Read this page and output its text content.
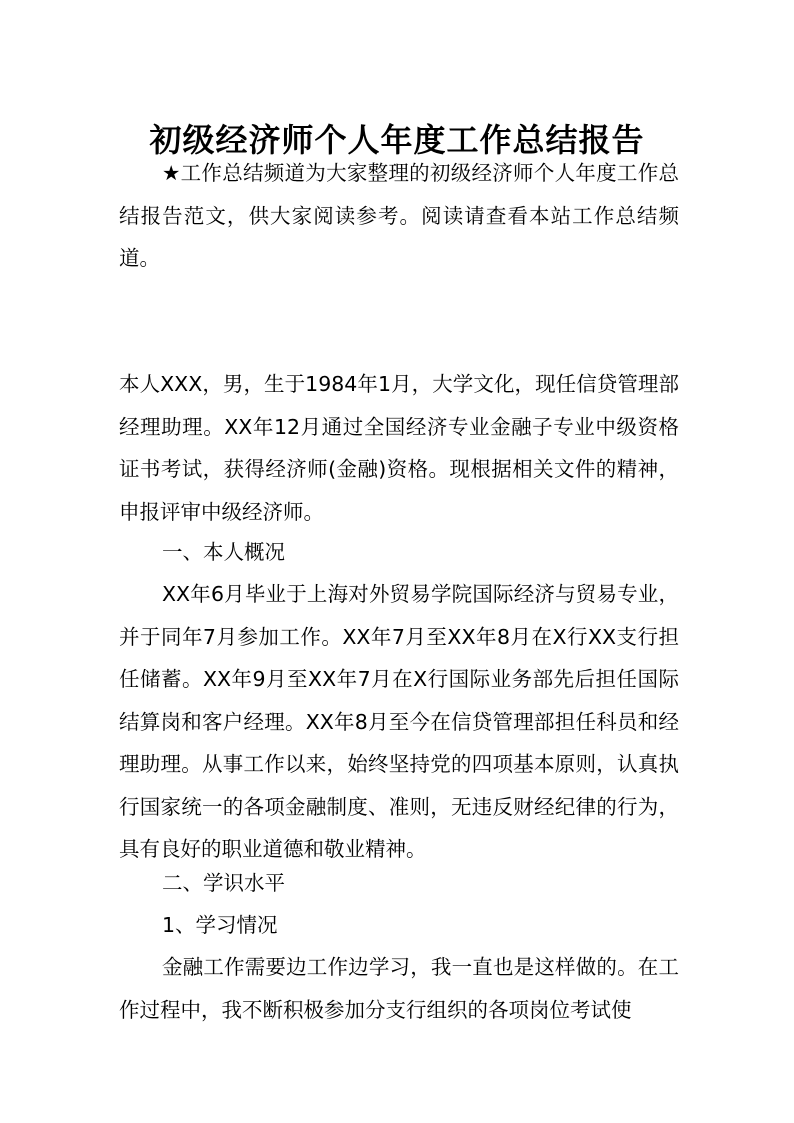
初级经济师个人年度工作总结报告

★工作总结频道为大家整理的初级经济师个人年度工作总结报告范文，供大家阅读参考。阅读请查看本站工作总结频道。

本人XXX，男，生于1984年1月，大学文化，现任信贷管理部经理助理。XX年12月通过全国经济专业金融子专业中级资格证书考试，获得经济师(金融)资格。现根据相关文件的精神，申报评审中级经济师。

一、本人概况

XX年6月毕业于上海对外贸易学院国际经济与贸易专业，并于同年7月参加工作。XX年7月至XX年8月在X行XX支行担任储蓄。XX年9月至XX年7月在X行国际业务部先后担任国际结算岗和客户经理。XX年8月至今在信贷管理部担任科员和经理助理。从事工作以来，始终坚持党的四项基本原则，认真执行国家统一的各项金融制度、准则，无违反财经纪律的行为，具有良好的职业道德和敬业精神。

二、学识水平

1、学习情况

金融工作需要边工作边学习，我一直也是这样做的。在工作过程中，我不断积极参加分支行组织的各项岗位考试使
